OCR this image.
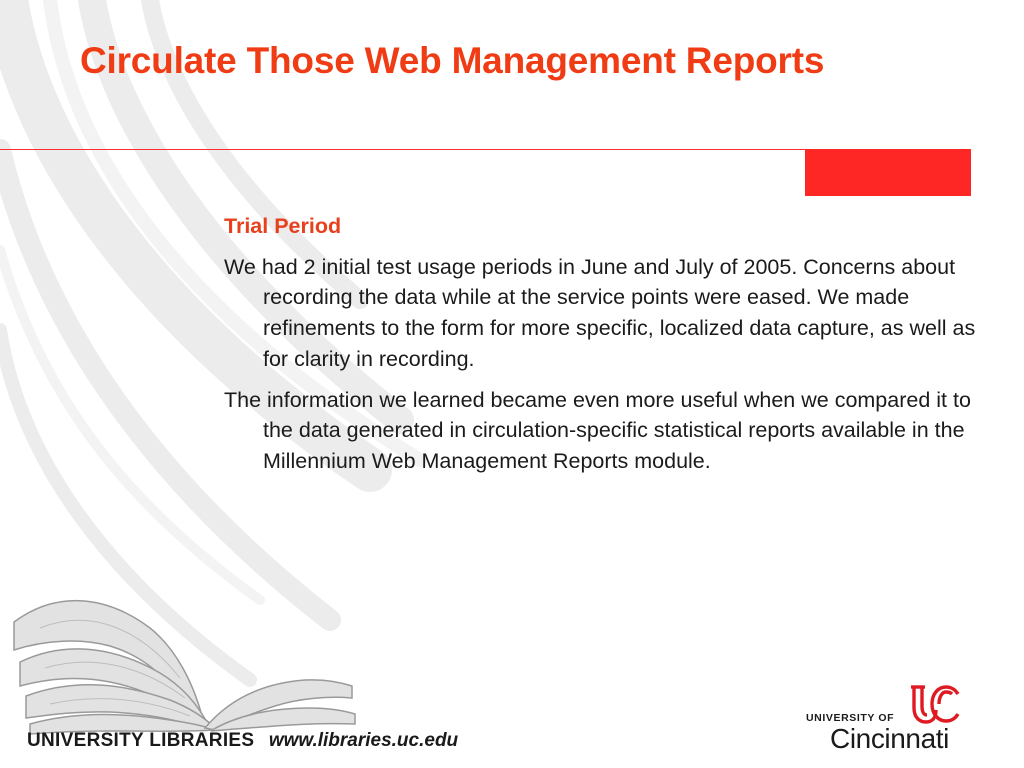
Circulate Those Web Management Reports

Trial Period

We had 2 initial test usage periods in June and July of 2005. Concerns about recording the data while at the service points were eased. We made refinements to the form for more specific, localized data capture, as well as for clarity in recording.

The information we learned became even more useful when we compared it to the data generated in circulation-specific statistical reports available in the Millennium Web Management Reports module.

UNIVERSITY LIBRARIES www.libraries.uc.edu
UNIVERSITY OF
Cincinnati
